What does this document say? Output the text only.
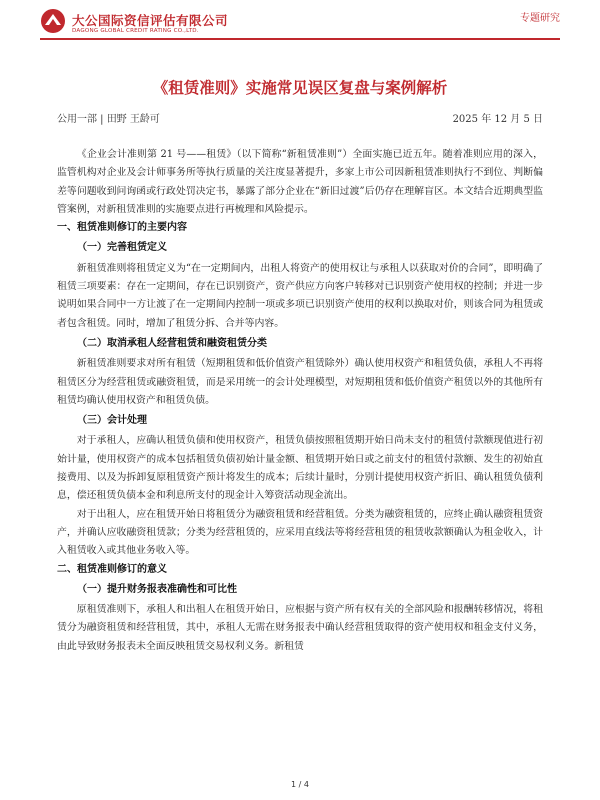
大公国际资信评估有限公司
DAGONG GLOBAL CREDIT RATING CO.,LTD.
专题研究
《租赁准则》实施常见误区复盘与案例解析
公用一部 | 田野 王龄可	2025 年 12 月 5 日

《企业会计准则第 21 号——租赁》（以下简称“新租赁准则”）全面实施已近五年。随着准则应用的深入，监管机构对企业及会计师事务所等执行质量的关注度显著提升，多家上市公司因新租赁准则执行不到位、判断偏差等问题收到问询函或行政处罚决定书，暴露了部分企业在“新旧过渡”后仍存在理解盲区。本文结合近期典型监管案例，对新租赁准则的实施要点进行再梳理和风险提示。

一、租赁准则修订的主要内容

（一）完善租赁定义

新租赁准则将租赁定义为“在一定期间内，出租人将资产的使用权让与承租人以获取对价的合同”，即明确了租赁三项要素：存在一定期间，存在已识别资产，资产供应方向客户转移对已识别资产使用权的控制；并进一步说明如果合同中一方让渡了在一定期间内控制一项或多项已识别资产使用的权利以换取对价，则该合同为租赁或者包含租赁。同时，增加了租赁分拆、合并等内容。

（二）取消承租人经营租赁和融资租赁分类

新租赁准则要求对所有租赁（短期租赁和低价值资产租赁除外）确认使用权资产和租赁负债，承租人不再将租赁区分为经营租赁或融资租赁，而是采用统一的会计处理模型，对短期租赁和低价值资产租赁以外的其他所有租赁均确认使用权资产和租赁负债。

（三）会计处理

对于承租人，应确认租赁负债和使用权资产，租赁负债按照租赁期开始日尚未支付的租赁付款额现值进行初始计量，使用权资产的成本包括租赁负债初始计量金额、租赁期开始日或之前支付的租赁付款额、发生的初始直接费用、以及为拆卸复原租赁资产预计将发生的成本；后续计量时，分别计提使用权资产折旧、确认租赁负债利息，偿还租赁负债本金和利息所支付的现金计入筹资活动现金流出。

对于出租人，应在租赁开始日将租赁分为融资租赁和经营租赁。分类为融资租赁的，应终止确认融资租赁资产，并确认应收融资租赁款；分类为经营租赁的，应采用直线法等将经营租赁的租赁收款额确认为租金收入，计入租赁收入或其他业务收入等。

二、租赁准则修订的意义

（一）提升财务报表准确性和可比性

原租赁准则下，承租人和出租人在租赁开始日，应根据与资产所有权有关的全部风险和报酬转移情况，将租赁分为融资租赁和经营租赁，其中，承租人无需在财务报表中确认经营租赁取得的资产使用权和租金支付义务，由此导致财务报表未全面反映租赁交易权利义务。新租赁

1 / 4
